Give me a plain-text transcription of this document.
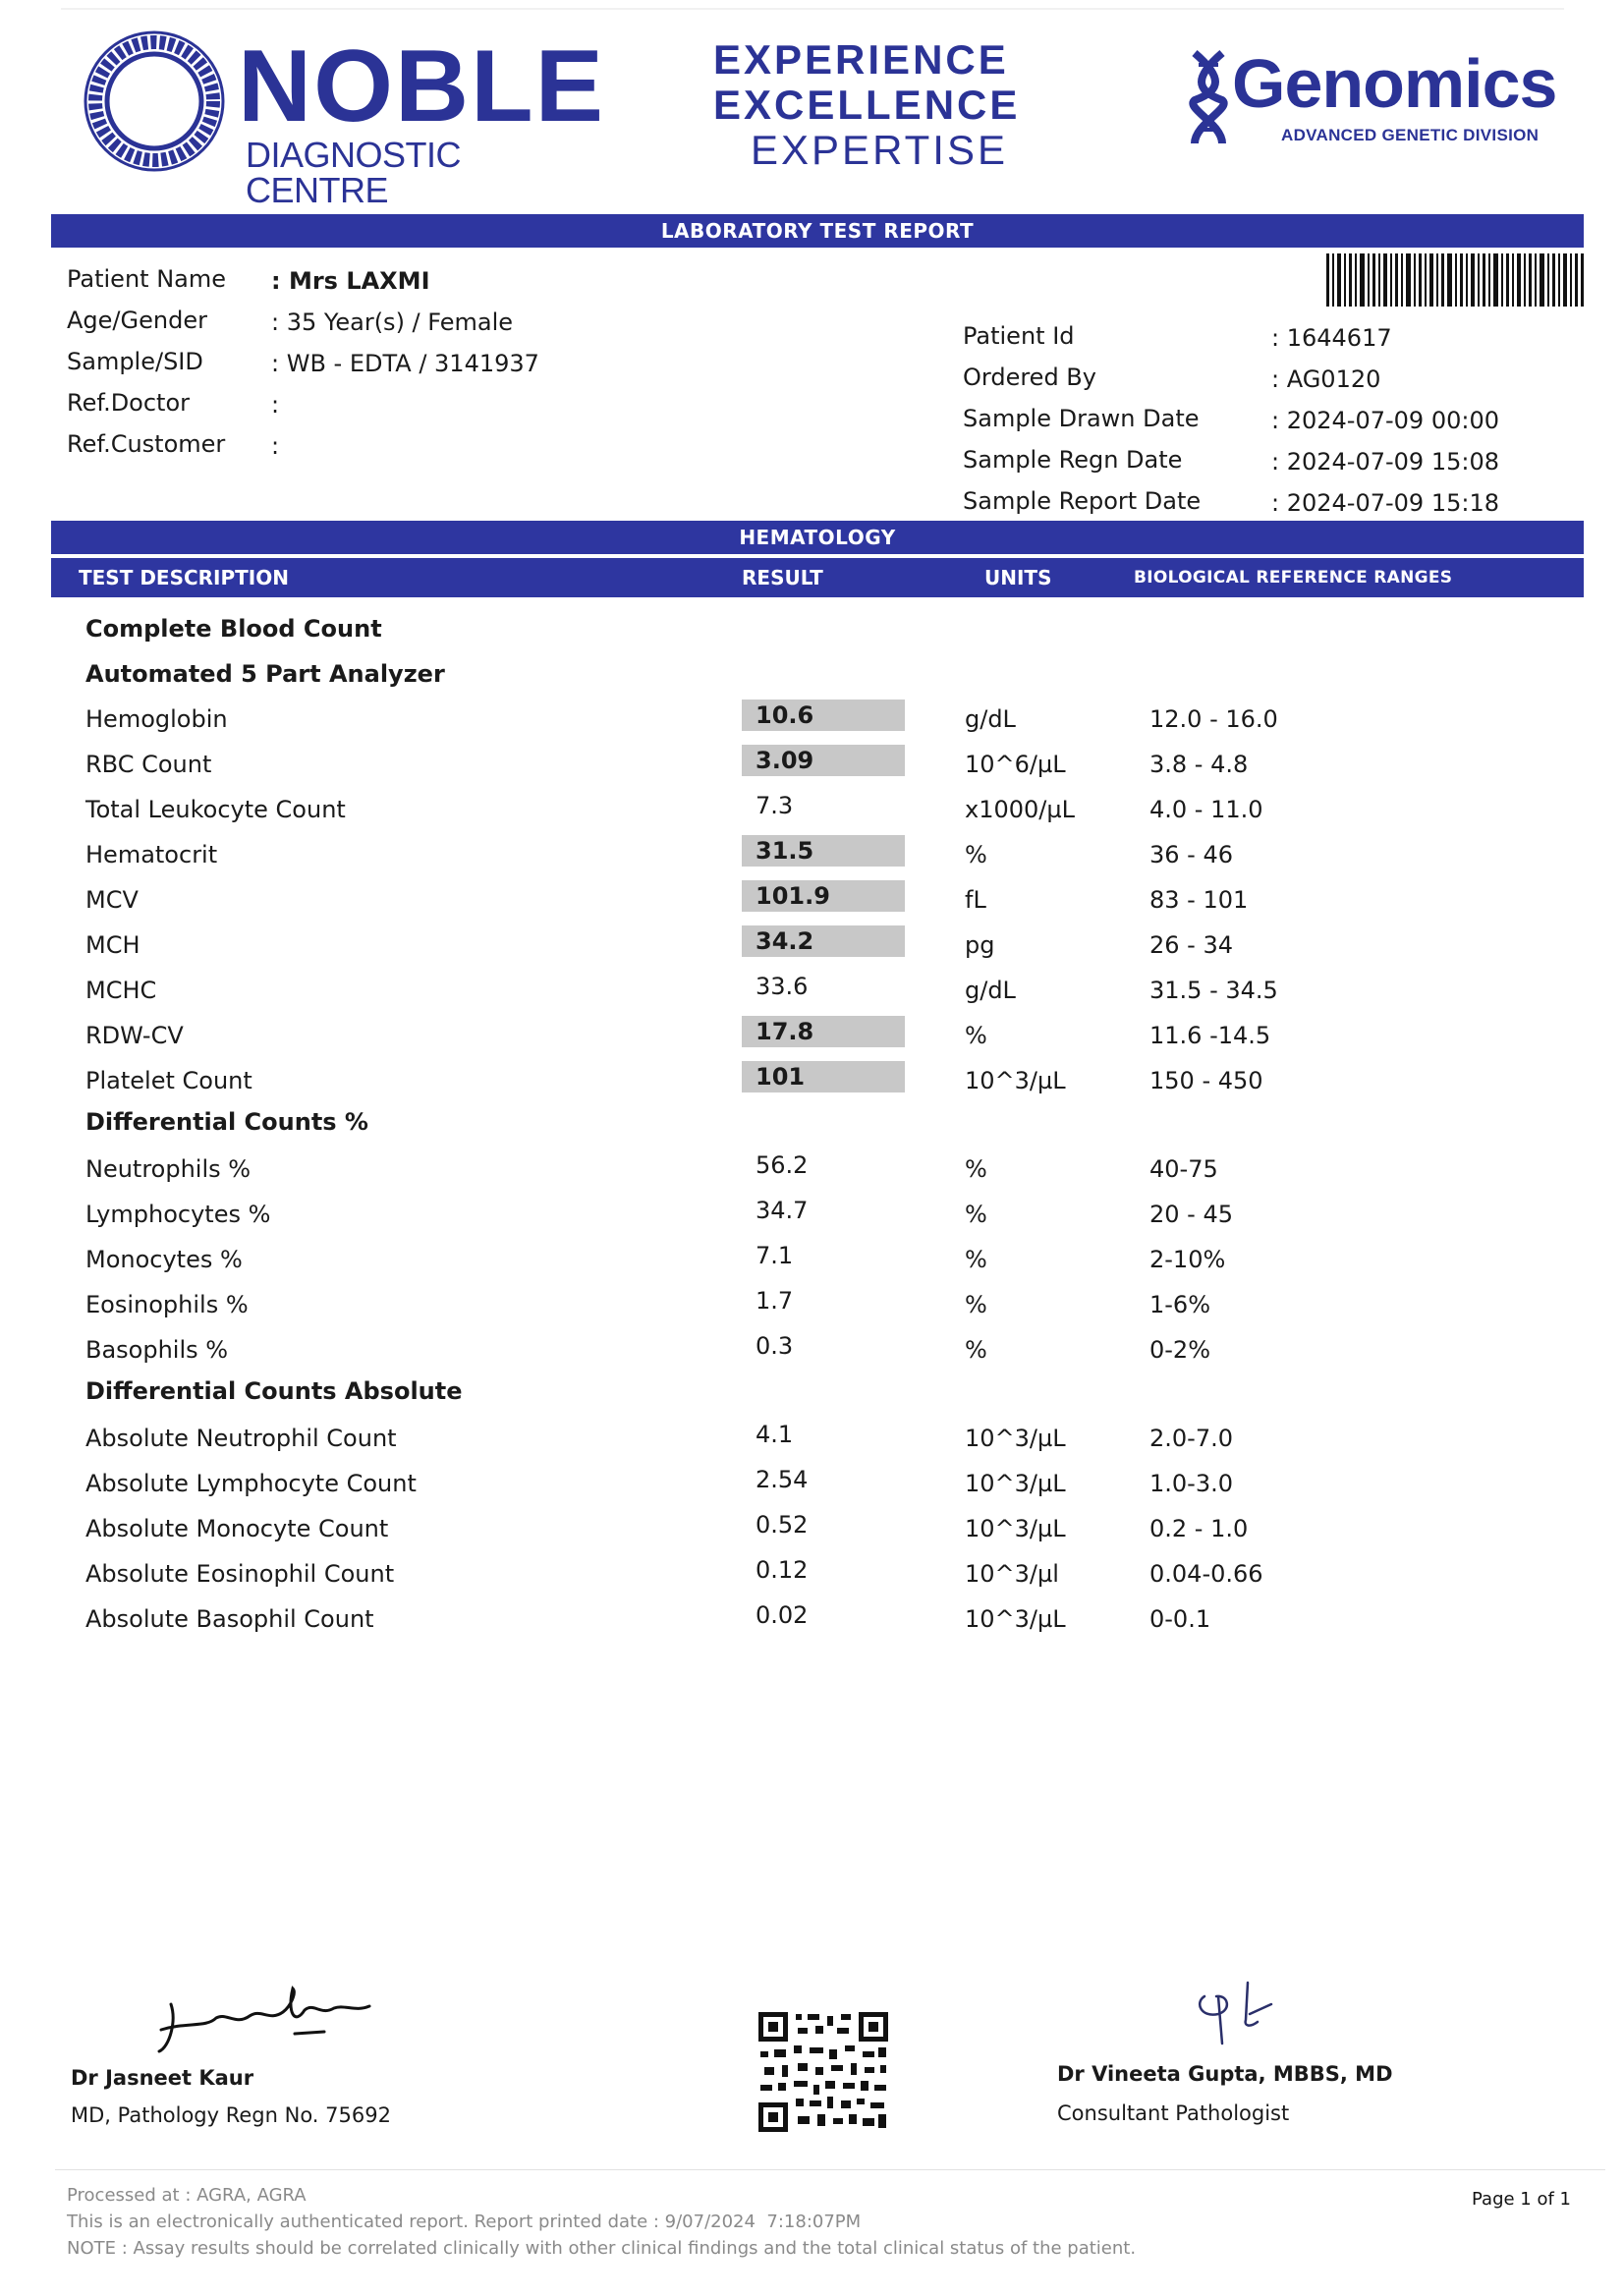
NOBLE
DIAGNOSTIC CENTRE
EXPERIENCE
EXCELLENCE
EXPERTISE
Genomics
ADVANCED GENETIC DIVISION
LABORATORY TEST REPORT
Patient Name : Mrs LAXMI
Age/Gender	: 35 Year(s) / Female
Sample/SID	: WB - EDTA / 3141937
Ref.Doctor	:
Ref.Customer :
Patient Id	: 1644617
Ordered By	: AG0120
Sample Drawn Date	: 2024-07-09 00:00
Sample Regn Date	: 2024-07-09 15:08
Sample Report Date	: 2024-07-09 15:18
HEMATOLOGY
TEST DESCRIPTION	RESULT	UNITS	BIOLOGICAL REFERENCE RANGES
Complete Blood Count
Automated 5 Part Analyzer
Differential Counts %
Differential Counts Absolute
Hemoglobin	10.6	g/dL	12.0 - 16.0
RBC Count	3.09	10^6/µL	3.8 - 4.8
Total Leukocyte Count	7.3	x1000/µL	4.0 - 11.0
Hematocrit	31.5	%	36 - 46
MCV	101.9	fL	83 - 101
MCH	34.2	pg	26 - 34
MCHC	33.6	g/dL	31.5 - 34.5
RDW-CV	17.8	%	11.6 -14.5
Platelet Count	101	10^3/µL	150 - 450
Neutrophils %	56.2	%	40-75
Lymphocytes %	34.7	%	20 - 45
Monocytes %	7.1	%	2-10%
Eosinophils %	1.7	%	1-6%
Basophils %	0.3	%	0-2%
Absolute Neutrophil Count	4.1	10^3/µL	2.0-7.0
Absolute Lymphocyte Count	2.54	10^3/µL	1.0-3.0
Absolute Monocyte Count	0.52	10^3/µL	0.2 - 1.0
Absolute Eosinophil Count	0.12	10^3/µl	0.04-0.66
Absolute Basophil Count	0.02	10^3/µL	0-0.1
Dr Jasneet Kaur
MD, Pathology Regn No. 75692
Dr Vineeta Gupta, MBBS, MD
Consultant Pathologist
Processed at : AGRA, AGRA
This is an electronically authenticated report. Report printed date : 9/07/2024  7:18:07PM
NOTE : Assay results should be correlated clinically with other clinical findings and the total clinical status of the patient.
Page 1 of 1
